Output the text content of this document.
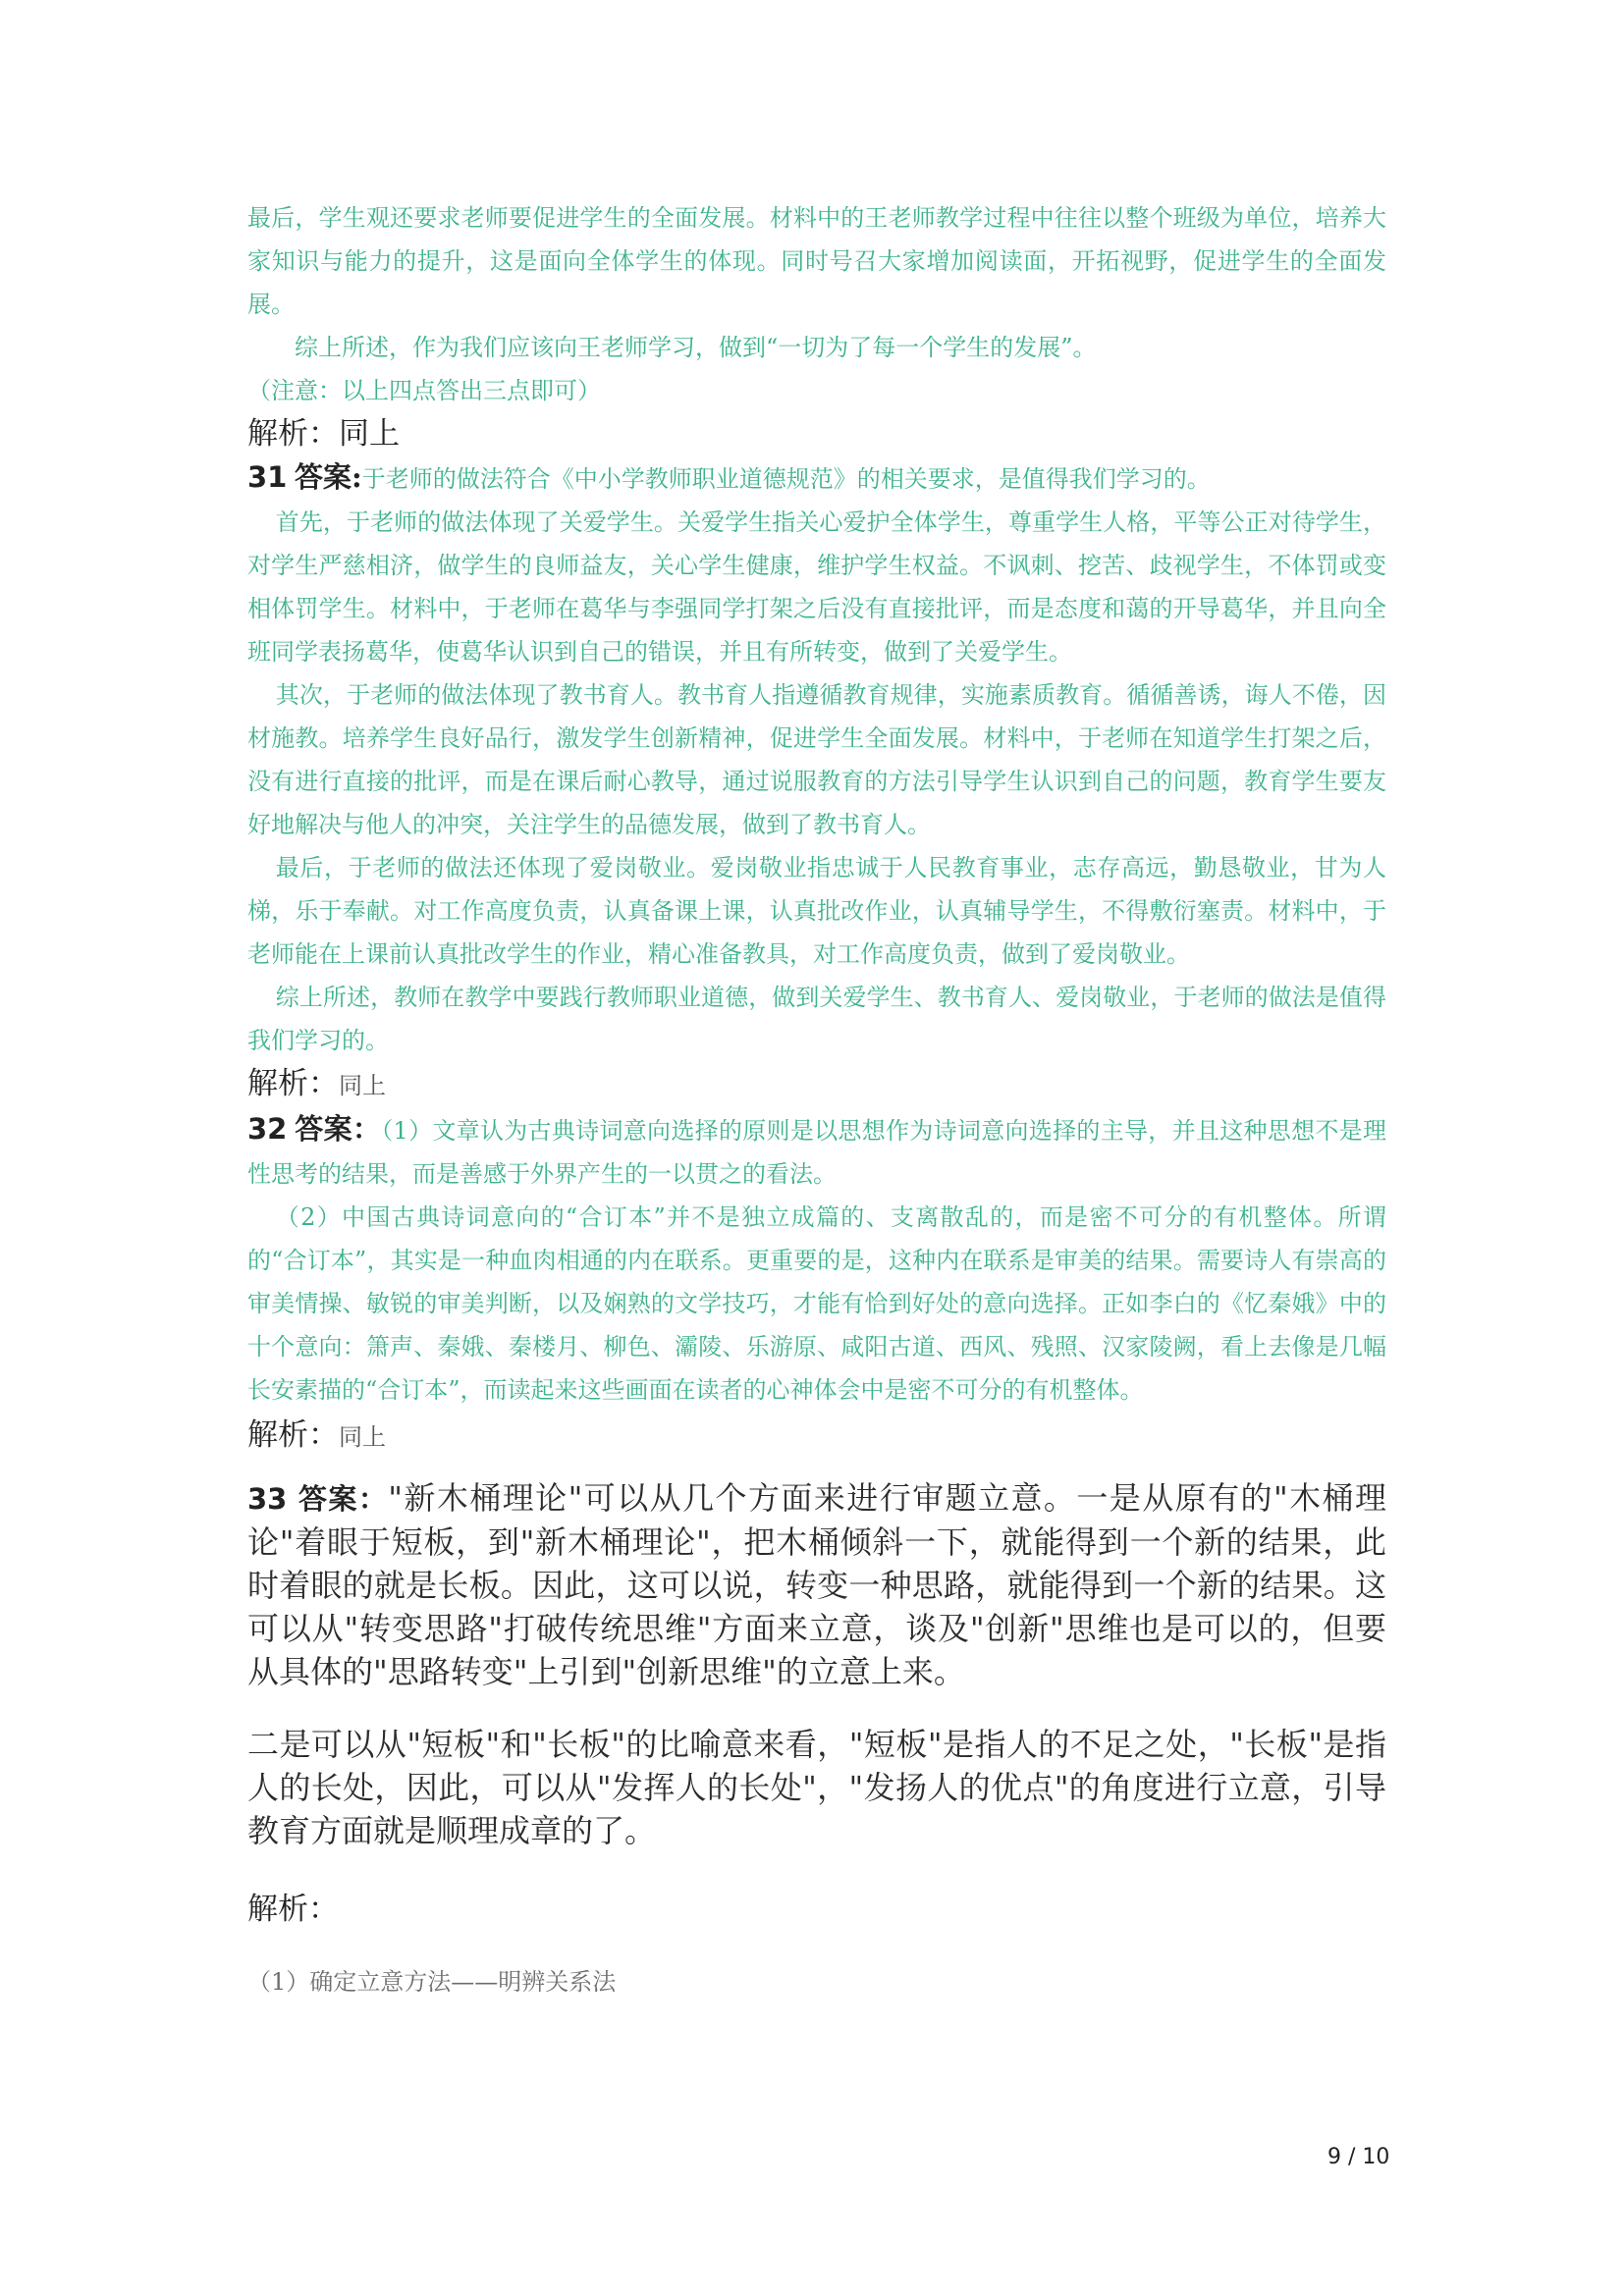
最后，学生观还要求老师要促进学生的全面发展。材料中的王老师教学过程中往往以整个班级为单位，培养大家知识与能力的提升，这是面向全体学生的体现。同时号召大家增加阅读面，开拓视野，促进学生的全面发展。

综上所述，作为我们应该向王老师学习，做到“一切为了每一个学生的发展”。

（注意：以上四点答出三点即可）

解析：同上

31 答案:于老师的做法符合《中小学教师职业道德规范》的相关要求，是值得我们学习的。

首先，于老师的做法体现了关爱学生。关爱学生指关心爱护全体学生，尊重学生人格，平等公正对待学生，对学生严慈相济，做学生的良师益友，关心学生健康，维护学生权益。不讽刺、挖苦、歧视学生，不体罚或变相体罚学生。材料中，于老师在葛华与李强同学打架之后没有直接批评，而是态度和蔼的开导葛华，并且向全班同学表扬葛华，使葛华认识到自己的错误，并且有所转变，做到了关爱学生。

其次，于老师的做法体现了教书育人。教书育人指遵循教育规律，实施素质教育。循循善诱，诲人不倦，因材施教。培养学生良好品行，激发学生创新精神，促进学生全面发展。材料中，于老师在知道学生打架之后，没有进行直接的批评，而是在课后耐心教导，通过说服教育的方法引导学生认识到自己的问题，教育学生要友好地解决与他人的冲突，关注学生的品德发展，做到了教书育人。

最后，于老师的做法还体现了爱岗敬业。爱岗敬业指忠诚于人民教育事业，志存高远，勤恳敬业，甘为人梯，乐于奉献。对工作高度负责，认真备课上课，认真批改作业，认真辅导学生，不得敷衍塞责。材料中，于老师能在上课前认真批改学生的作业，精心准备教具，对工作高度负责，做到了爱岗敬业。

综上所述，教师在教学中要践行教师职业道德，做到关爱学生、教书育人、爱岗敬业，于老师的做法是值得我们学习的。

解析：同上

32 答案：（1）文章认为古典诗词意向选择的原则是以思想作为诗词意向选择的主导，并且这种思想不是理性思考的结果，而是善感于外界产生的一以贯之的看法。

（2）中国古典诗词意向的“合订本”并不是独立成篇的、支离散乱的，而是密不可分的有机整体。所谓的“合订本”，其实是一种血肉相通的内在联系。更重要的是，这种内在联系是审美的结果。需要诗人有崇高的审美情操、敏锐的审美判断，以及娴熟的文学技巧，才能有恰到好处的意向选择。正如李白的《忆秦娥》中的十个意向：箫声、秦娥、秦楼月、柳色、灞陵、乐游原、咸阳古道、西风、残照、汉家陵阙，看上去像是几幅长安素描的“合订本”，而读起来这些画面在读者的心神体会中是密不可分的有机整体。

解析：同上

33 答案："新木桶理论"可以从几个方面来进行审题立意。一是从原有的"木桶理论"着眼于短板，到"新木桶理论"，把木桶倾斜一下，就能得到一个新的结果，此时着眼的就是长板。因此，这可以说，转变一种思路，就能得到一个新的结果。这可以从"转变思路"打破传统思维"方面来立意，谈及"创新"思维也是可以的，但要从具体的"思路转变"上引到"创新思维"的立意上来。

二是可以从"短板"和"长板"的比喻意来看，"短板"是指人的不足之处，"长板"是指人的长处，因此，可以从"发挥人的长处"，"发扬人的优点"的角度进行立意，引导教育方面就是顺理成章的了。

解析：

（1）确定立意方法——明辨关系法

9 / 10
